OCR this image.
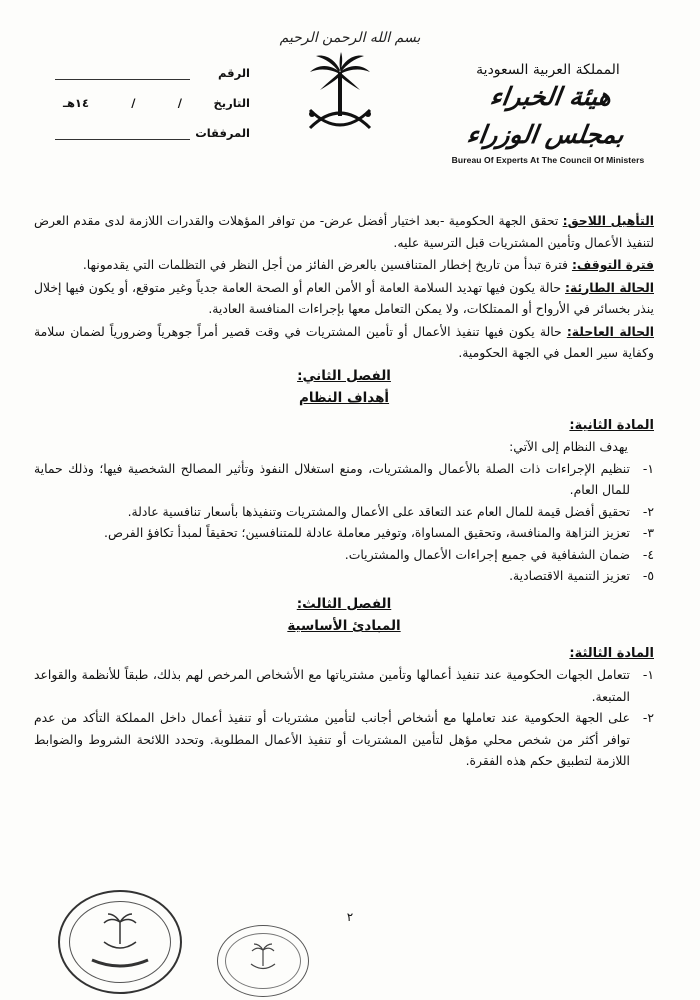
بسم الله الرحمن الرحيم
المملكة العربية السعودية
هيئة الخبراء بمجلس الوزراء
Bureau Of Experts At The Council Of Ministers
الرقم
التاريخ
/
/
١٤هـ
المرفقات

التأهيل اللاحق: تحقق الجهة الحكومية -بعد اختيار أفضل عرض- من توافر المؤهلات والقدرات اللازمة لدى مقدم العرض لتنفيذ الأعمال وتأمين المشتريات قبل الترسية عليه.

فترة التوقف: فترة تبدأ من تاريخ إخطار المتنافسين بالعرض الفائز من أجل النظر في التظلمات التي يقدمونها.

الحالة الطارئة: حالة يكون فيها تهديد السلامة العامة أو الأمن العام أو الصحة العامة جدياً وغير متوقع، أو يكون فيها إخلال ينذر بخسائر في الأرواح أو الممتلكات، ولا يمكن التعامل معها بإجراءات المنافسة العادية.

الحالة العاجلة: حالة يكون فيها تنفيذ الأعمال أو تأمين المشتريات في وقت قصير أمراً جوهرياً وضرورياً لضمان سلامة وكفاية سير العمل في الجهة الحكومية.

الفصل الثاني:
أهداف النظام
المادة الثانية:
يهدف النظام إلى الآتي:
١-
تنظيم الإجراءات ذات الصلة بالأعمال والمشتريات، ومنع استغلال النفوذ وتأثير المصالح الشخصية فيها؛ وذلك حماية للمال العام.
٢-
تحقيق أفضل قيمة للمال العام عند التعاقد على الأعمال والمشتريات وتنفيذها بأسعار تنافسية عادلة.
٣-
تعزيز النزاهة والمنافسة، وتحقيق المساواة، وتوفير معاملة عادلة للمتنافسين؛ تحقيقاً لمبدأ تكافؤ الفرص.
٤-
ضمان الشفافية في جميع إجراءات الأعمال والمشتريات.
٥-
تعزيز التنمية الاقتصادية.
الفصل الثالث:
المبادئ الأساسية
المادة الثالثة:
١-
تتعامل الجهات الحكومية عند تنفيذ أعمالها وتأمين مشترياتها مع الأشخاص المرخص لهم بذلك، طبقاً للأنظمة والقواعد المتبعة.
٢-
على الجهة الحكومية عند تعاملها مع أشخاص أجانب لتأمين مشتريات أو تنفيذ أعمال داخل المملكة التأكد من عدم توافر أكثر من شخص محلي مؤهل لتأمين المشتريات أو تنفيذ الأعمال المطلوبة. وتحدد اللائحة الشروط والضوابط اللازمة لتطبيق حكم هذه الفقرة.
٢
